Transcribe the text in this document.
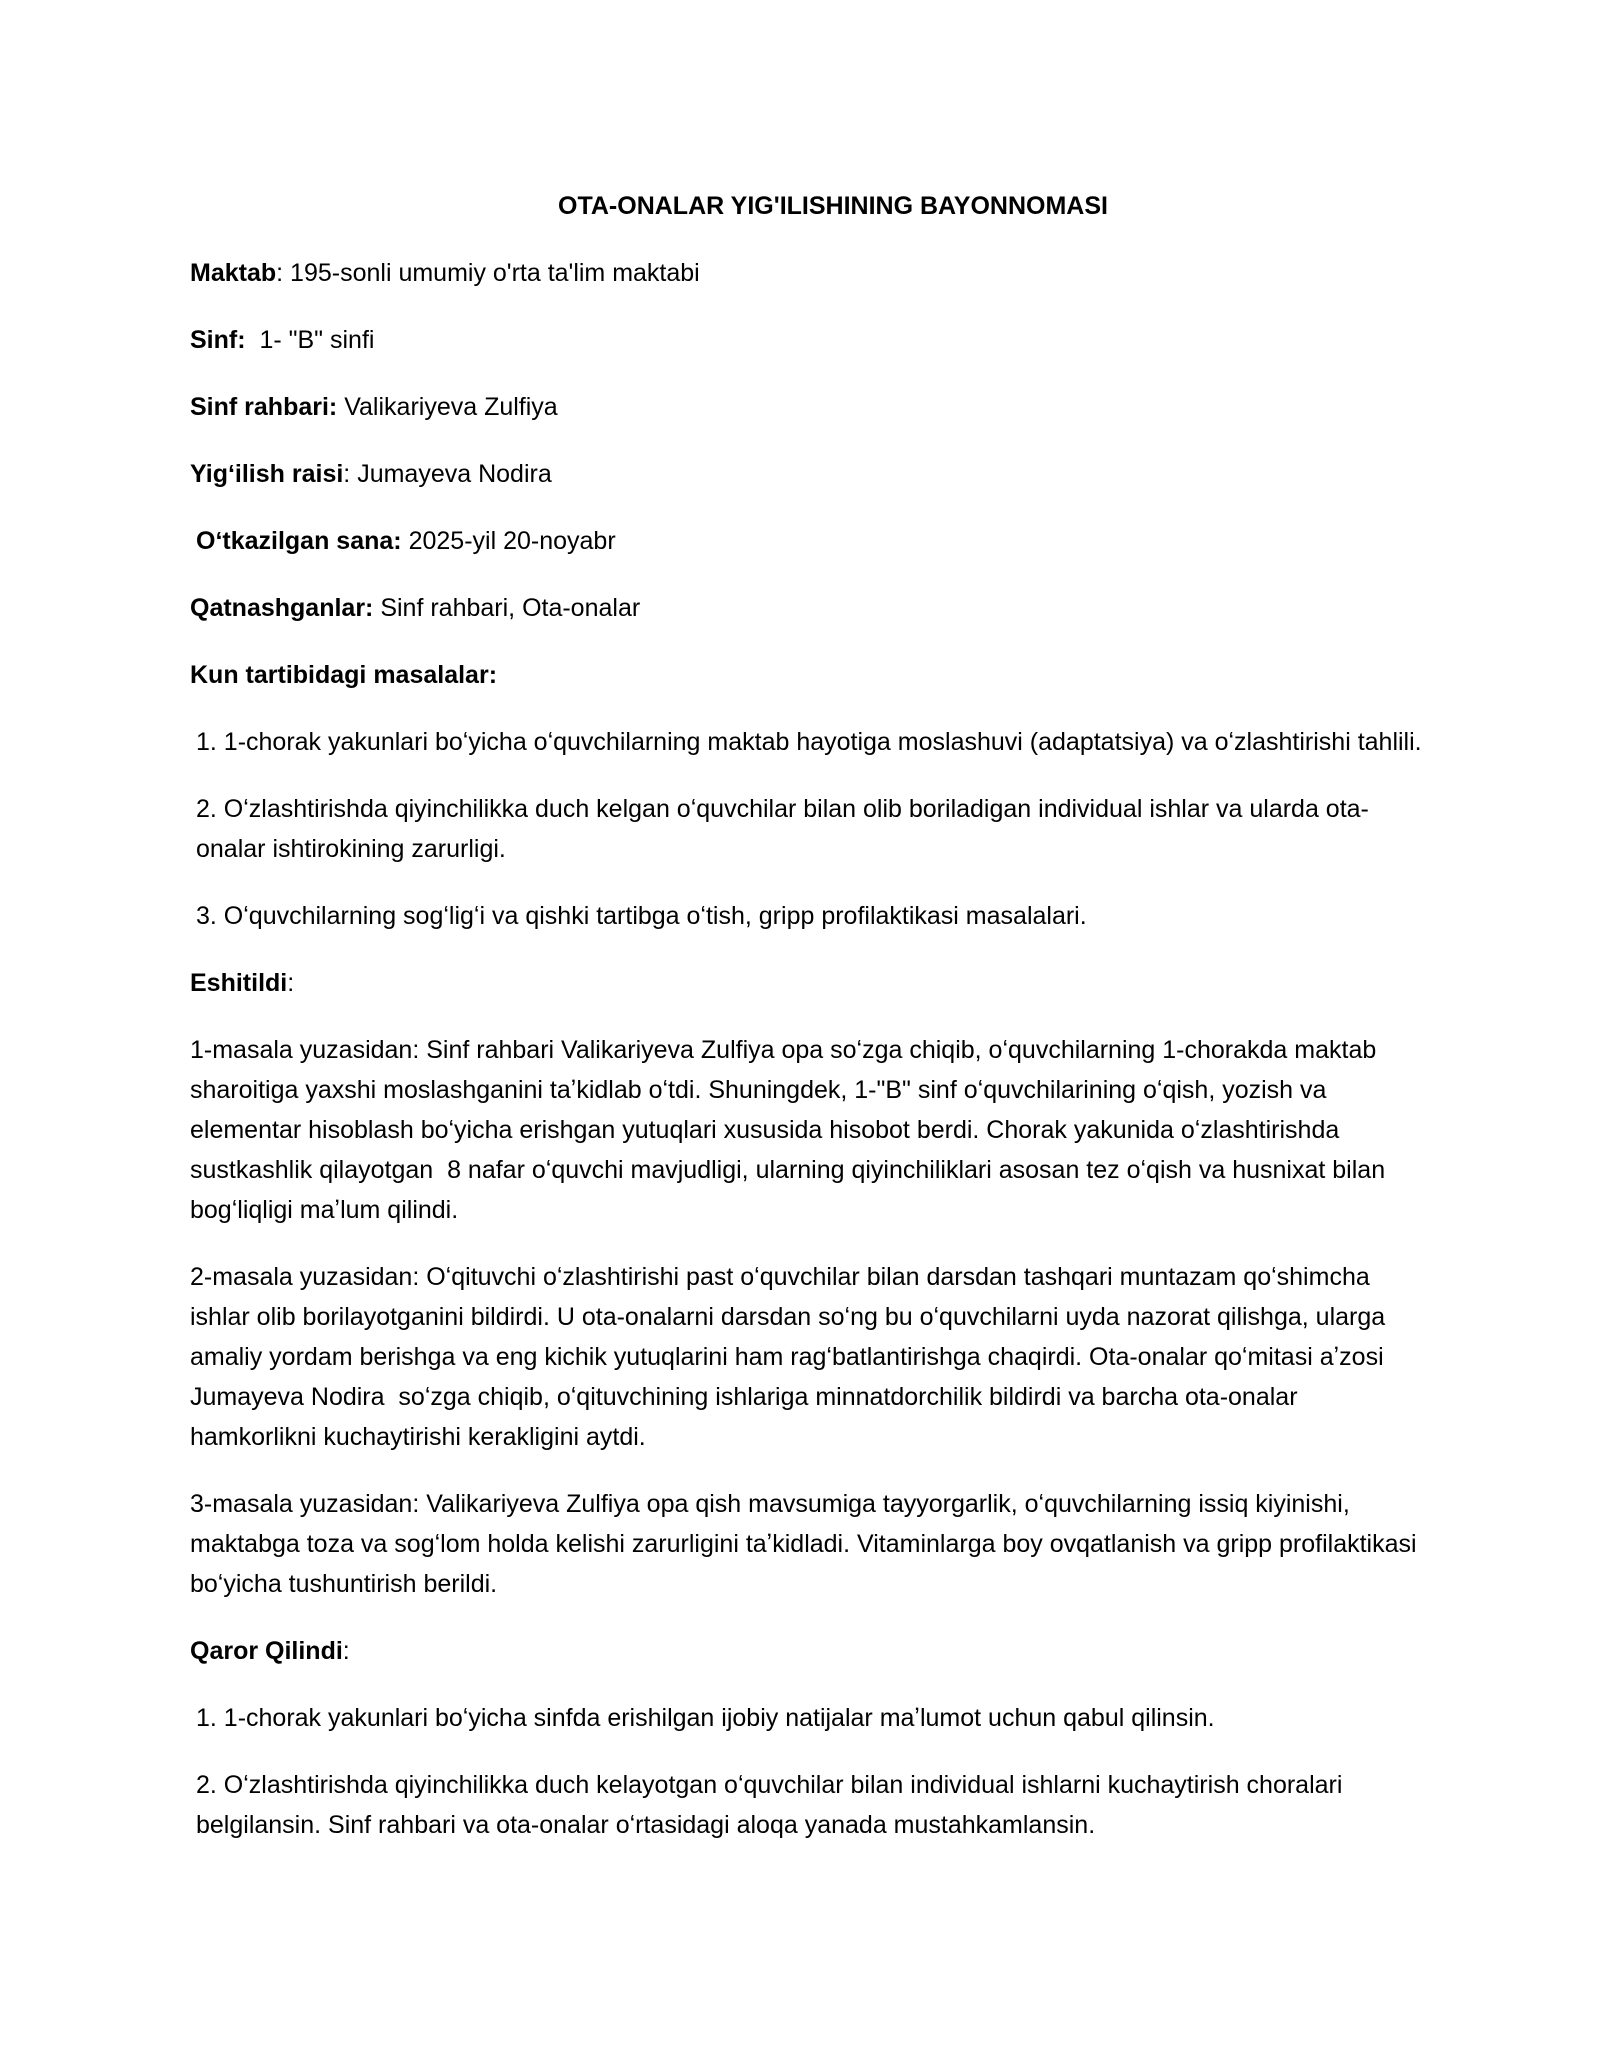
OTA-ONALAR YIG'ILISHINING BAYONNOMASI
Maktab: 195-sonli umumiy o'rta ta'lim maktabi
Sinf: 1- "B" sinfi
Sinf rahbari: Valikariyeva Zulfiya
Yigʻilish raisi: Jumayeva Nodira
Oʻtkazilgan sana: 2025-yil 20-noyabr
Qatnashganlar: Sinf rahbari, Ota-onalar
Kun tartibidagi masalalar:
1. 1-chorak yakunlari boʻyicha oʻquvchilarning maktab hayotiga moslashuvi (adaptatsiya) va oʻzlashtirishi tahlili.
2. Oʻzlashtirishda qiyinchilikka duch kelgan oʻquvchilar bilan olib boriladigan individual ishlar va ularda ota-onalar ishtirokining zarurligi.
3. Oʻquvchilarning sogʻligʻi va qishki tartibga oʻtish, gripp profilaktikasi masalalari.
Eshitildi:
1-masala yuzasidan: Sinf rahbari Valikariyeva Zulfiya opa soʻzga chiqib, oʻquvchilarning 1-chorakda maktab sharoitiga yaxshi moslashganini taʼkidlab oʻtdi. Shuningdek, 1-"B" sinf oʻquvchilarining oʻqish, yozish va elementar hisoblash boʻyicha erishgan yutuqlari xususida hisobot berdi. Chorak yakunida oʻzlashtirishda sustkashlik qilayotgan  8 nafar oʻquvchi mavjudligi, ularning qiyinchiliklari asosan tez oʻqish va husnixat bilan bogʻliqligi maʼlum qilindi.
2-masala yuzasidan: Oʻqituvchi oʻzlashtirishi past oʻquvchilar bilan darsdan tashqari muntazam qoʻshimcha ishlar olib borilayotganini bildirdi. U ota-onalarni darsdan soʻng bu oʻquvchilarni uyda nazorat qilishga, ularga amaliy yordam berishga va eng kichik yutuqlarini ham ragʻbatlantirishga chaqirdi. Ota-onalar qoʻmitasi aʼzosi Jumayeva Nodira  soʻzga chiqib, oʻqituvchining ishlariga minnatdorchilik bildirdi va barcha ota-onalar hamkorlikni kuchaytirishi kerakligini aytdi.
3-masala yuzasidan: Valikariyeva Zulfiya opa qish mavsumiga tayyorgarlik, oʻquvchilarning issiq kiyinishi, maktabga toza va sogʻlom holda kelishi zarurligini taʼkidladi. Vitaminlarga boy ovqatlanish va gripp profilaktikasi boʻyicha tushuntirish berildi.
Qaror Qilindi:
1. 1-chorak yakunlari boʻyicha sinfda erishilgan ijobiy natijalar maʼlumot uchun qabul qilinsin.
2. Oʻzlashtirishda qiyinchilikka duch kelayotgan oʻquvchilar bilan individual ishlarni kuchaytirish choralari belgilansin. Sinf rahbari va ota-onalar oʻrtasidagi aloqa yanada mustahkamlansin.
